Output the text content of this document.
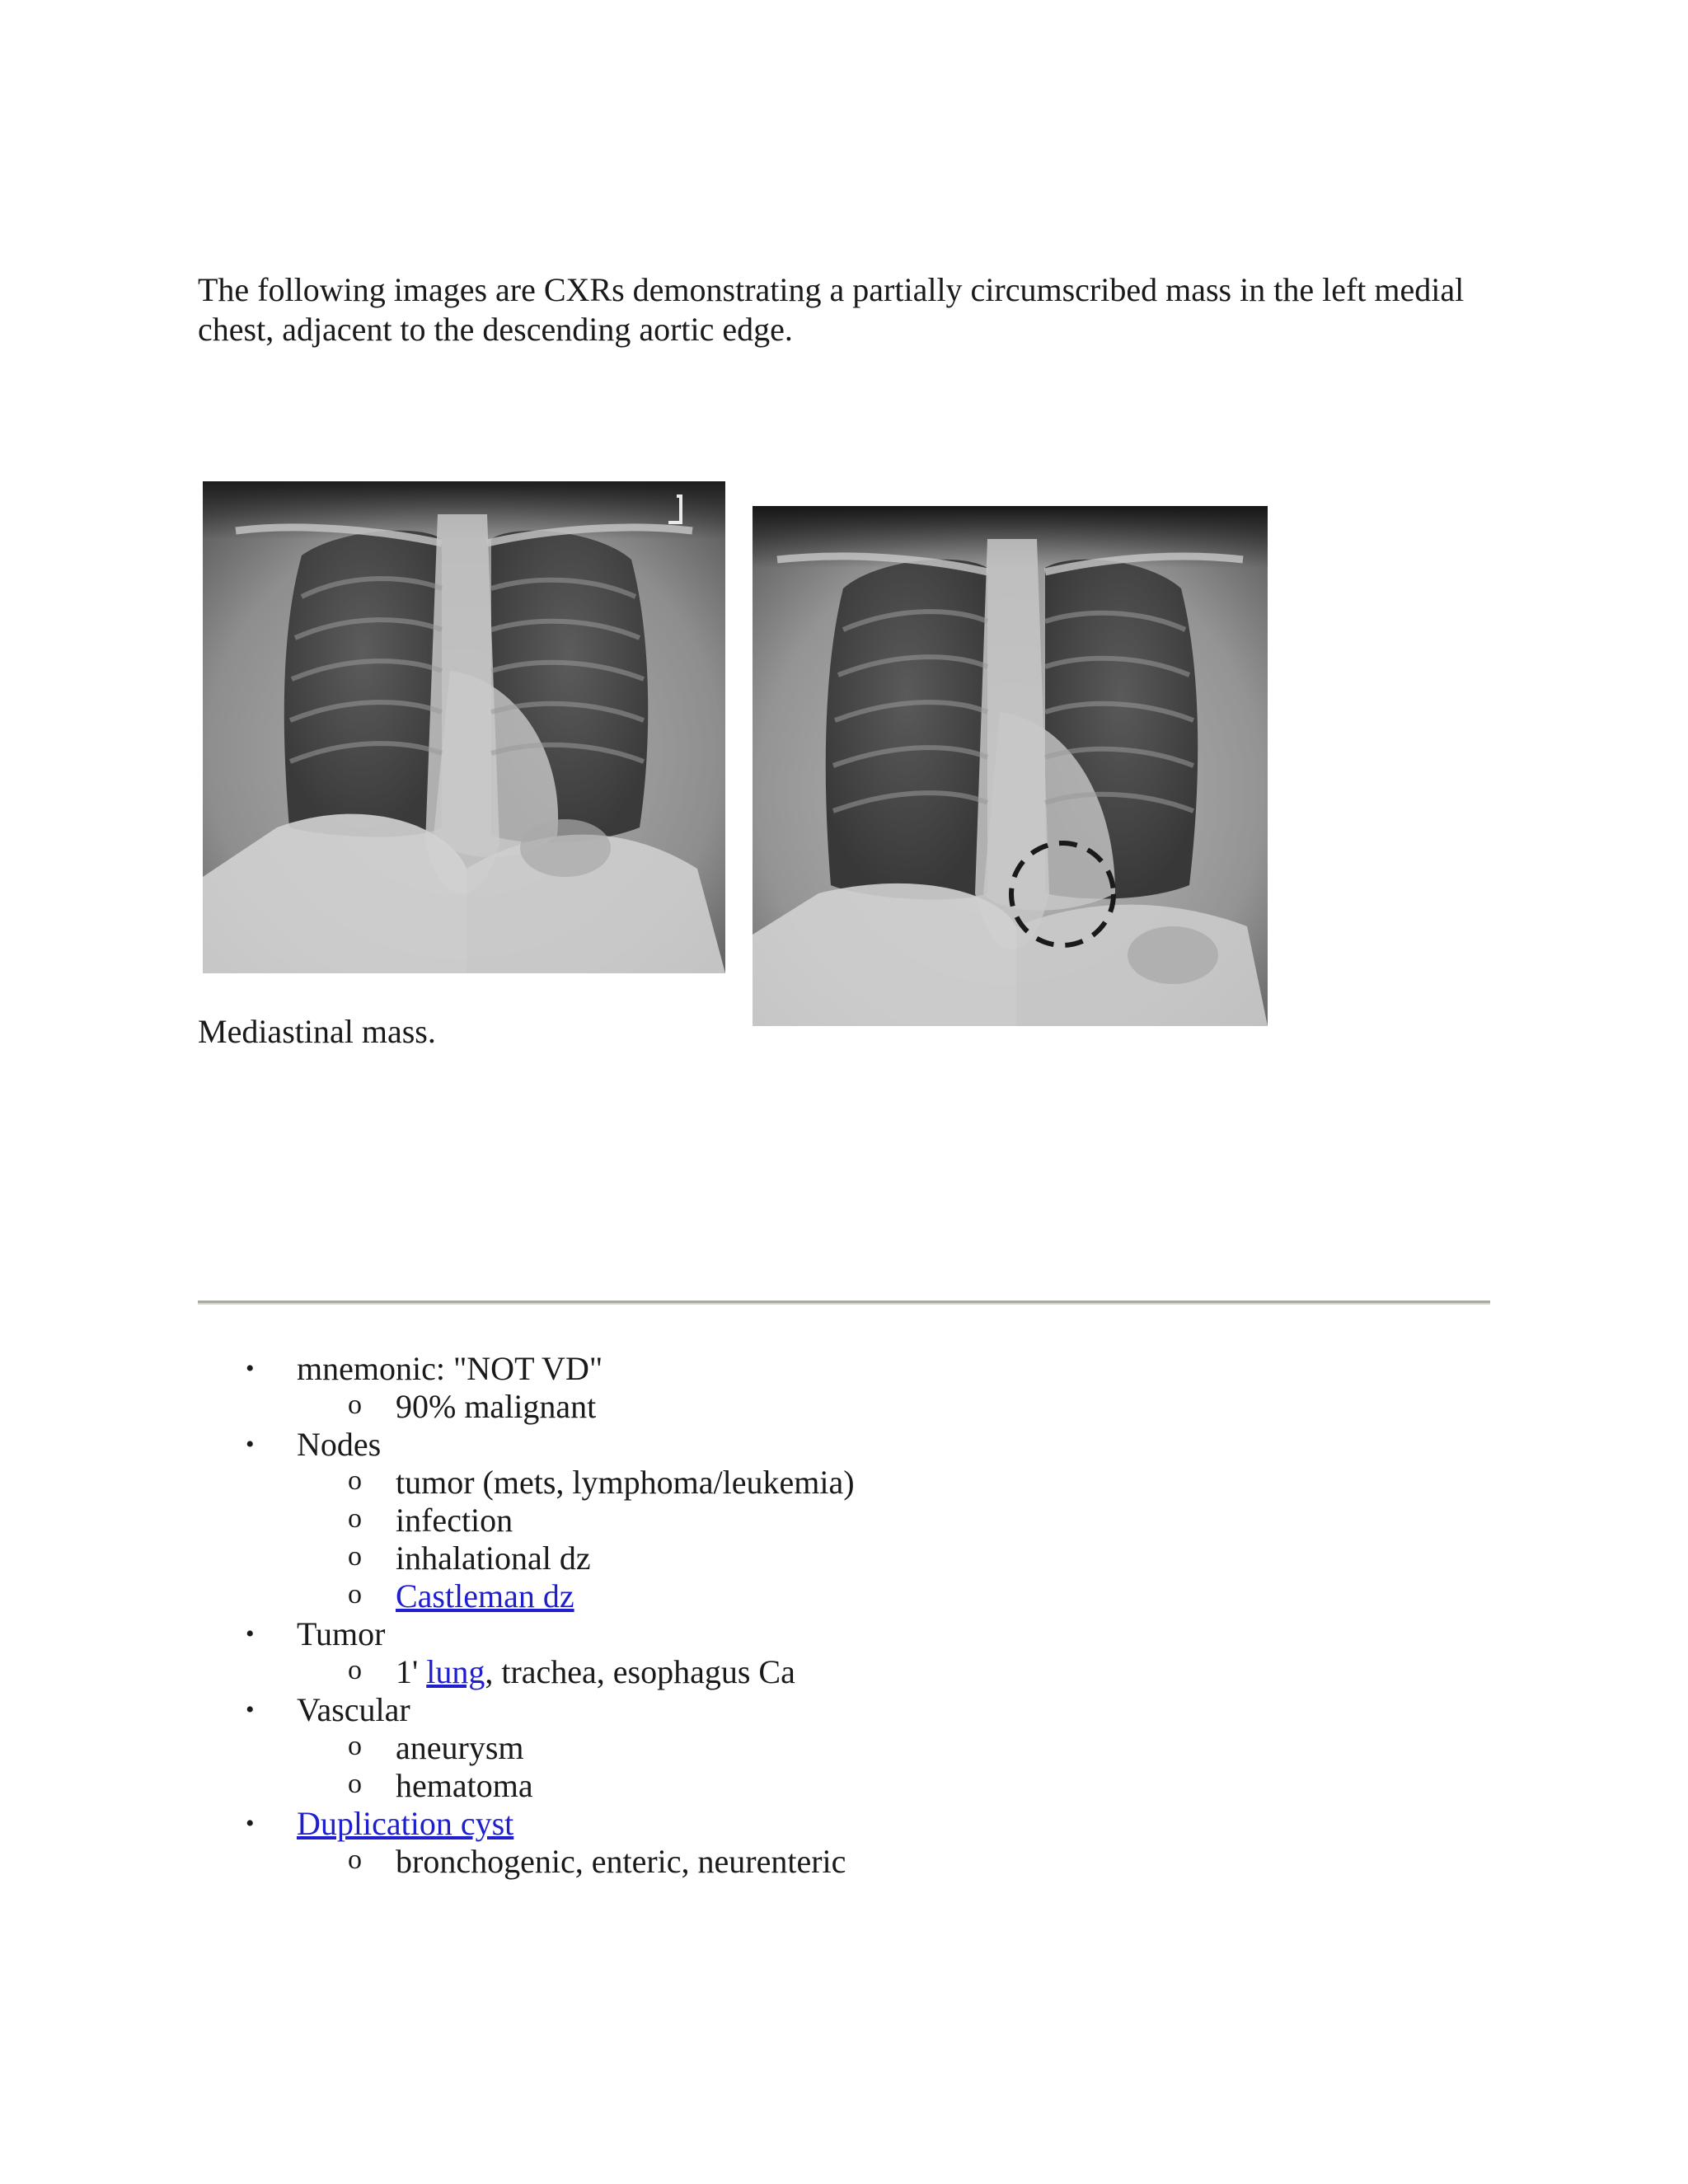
The following images are CXRs demonstrating a partially circumscribed mass in the left medial chest, adjacent to the descending aortic edge.

Mediastinal mass.

• mnemonic: "NOT VD"
o 90% malignant
• Nodes
o tumor (mets, lymphoma/leukemia)
o infection
o inhalational dz
o Castleman dz
• Tumor
o 1' lung, trachea, esophagus Ca
• Vascular
o aneurysm
o hematoma
• Duplication cyst
o bronchogenic, enteric, neurenteric
